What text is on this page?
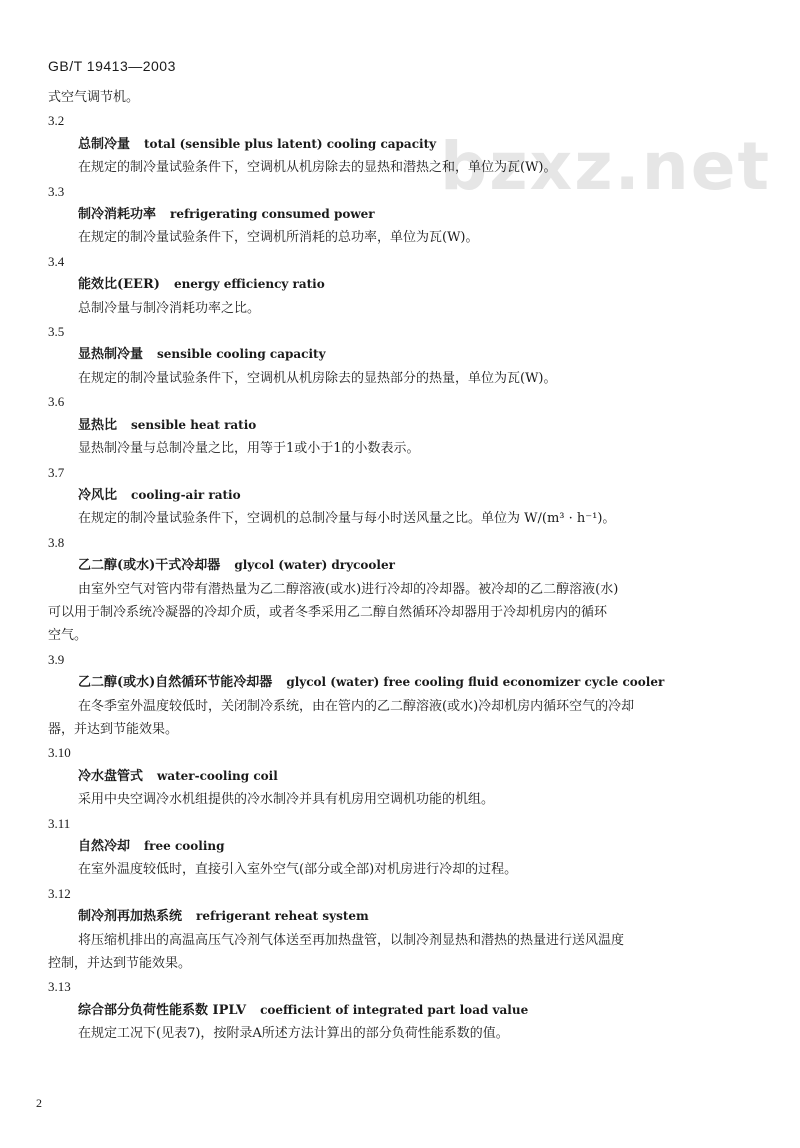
GB/T 19413—2003
bzxz.net
式空气调节机。
3.2
总制冷量 total (sensible plus latent) cooling capacity
在规定的制冷量试验条件下，空调机从机房除去的显热和潜热之和，单位为瓦(W)。
3.3
制冷消耗功率 refrigerating consumed power
在规定的制冷量试验条件下，空调机所消耗的总功率，单位为瓦(W)。
3.4
能效比(EER) energy efficiency ratio
总制冷量与制冷消耗功率之比。
3.5
显热制冷量 sensible cooling capacity
在规定的制冷量试验条件下，空调机从机房除去的显热部分的热量，单位为瓦(W)。
3.6
显热比 sensible heat ratio
显热制冷量与总制冷量之比，用等于1或小于1的小数表示。
3.7
冷风比 cooling-air ratio
在规定的制冷量试验条件下，空调机的总制冷量与每小时送风量之比。单位为 W/(m³ · h⁻¹)。
3.8
乙二醇(或水)干式冷却器 glycol (water) drycooler
由室外空气对管内带有潜热量为乙二醇溶液(或水)进行冷却的冷却器。被冷却的乙二醇溶液(水)
可以用于制冷系统冷凝器的冷却介质，或者冬季采用乙二醇自然循环冷却器用于冷却机房内的循环
空气。
3.9
乙二醇(或水)自然循环节能冷却器 glycol (water) free cooling fluid economizer cycle cooler
在冬季室外温度较低时，关闭制冷系统，由在管内的乙二醇溶液(或水)冷却机房内循环空气的冷却
器，并达到节能效果。
3.10
冷水盘管式 water-cooling coil
采用中央空调冷水机组提供的冷水制冷并具有机房用空调机功能的机组。
3.11
自然冷却 free cooling
在室外温度较低时，直接引入室外空气(部分或全部)对机房进行冷却的过程。
3.12
制冷剂再加热系统 refrigerant reheat system
将压缩机排出的高温高压气冷剂气体送至再加热盘管，以制冷剂显热和潜热的热量进行送风温度
控制，并达到节能效果。
3.13
综合部分负荷性能系数 IPLV coefficient of integrated part load value
在规定工况下(见表7)，按附录A所述方法计算出的部分负荷性能系数的值。
2
